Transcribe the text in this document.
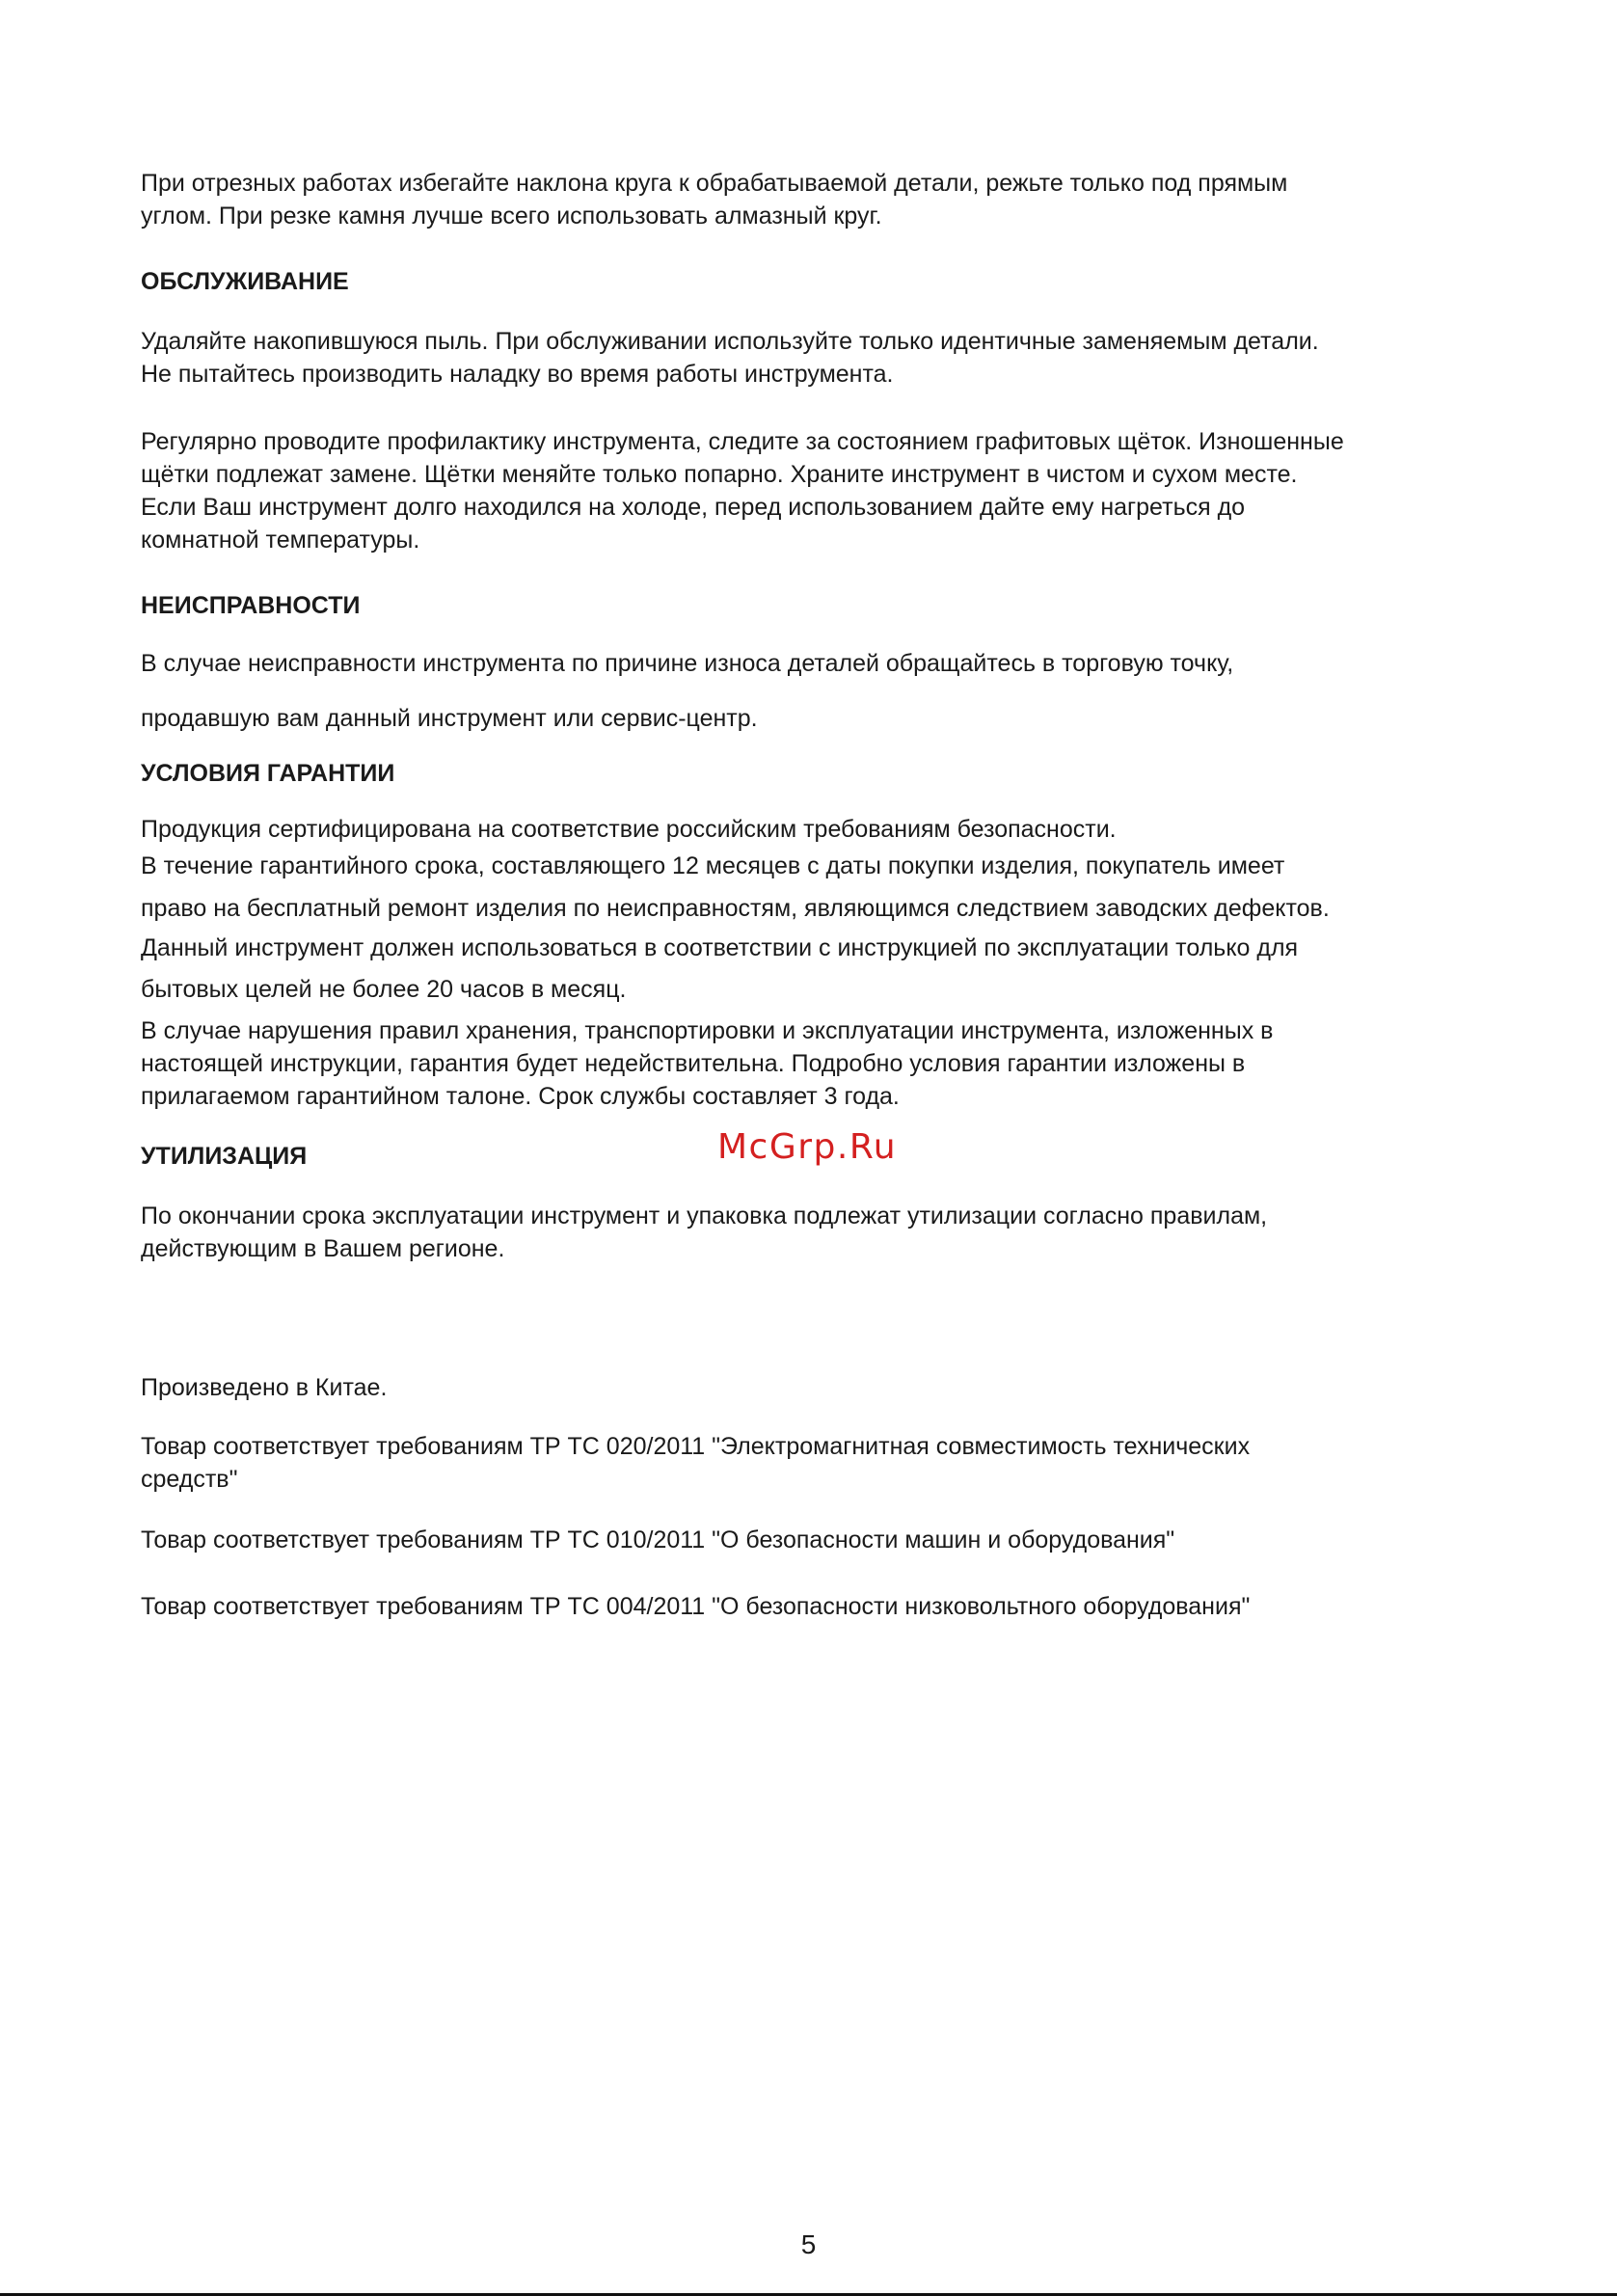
При отрезных работах избегайте наклона круга к обрабатываемой детали, режьте только под прямым

углом. При резке камня лучше всего использовать алмазный круг.

ОБСЛУЖИВАНИЕ

Удаляйте накопившуюся пыль. При обслуживании используйте только идентичные заменяемым детали.

Не пытайтесь производить наладку во время работы инструмента.

Регулярно проводите профилактику инструмента, следите за состоянием графитовых щёток. Изношенные

щётки подлежат замене. Щётки меняйте только попарно. Храните инструмент в чистом и сухом месте.

Если Ваш инструмент долго находился на холоде, перед использованием дайте ему нагреться до

комнатной температуры.

НЕИСПРАВНОСТИ

В случае неисправности инструмента по причине износа деталей обращайтесь в торговую точку,

продавшую вам данный инструмент или сервис-центр.

УСЛОВИЯ ГАРАНТИИ

Продукция сертифицирована на соответствие российским требованиям безопасности.

В течение гарантийного срока, составляющего 12 месяцев с даты покупки изделия, покупатель имеет

право на бесплатный ремонт изделия по неисправностям, являющимся следствием заводских дефектов.

Данный инструмент должен использоваться в соответствии с инструкцией по эксплуатации только для

бытовых целей не более 20 часов в месяц.

В случае нарушения правил хранения, транспортировки и эксплуатации инструмента, изложенных в

настоящей инструкции, гарантия будет недействительна. Подробно условия гарантии изложены в

прилагаемом гарантийном талоне. Срок службы составляет 3 года.

УТИЛИЗАЦИЯ	McGrp.Ru

По окончании срока эксплуатации инструмент и упаковка подлежат утилизации согласно правилам,

действующим в Вашем регионе.

Произведено в Китае.

Товар соответствует требованиям ТР ТС 020/2011 "Электромагнитная совместимость технических

средств"

Товар соответствует требованиям ТР ТС 010/2011 "О безопасности машин и оборудования"

Товар соответствует требованиям ТР ТС 004/2011 "О безопасности низковольтного оборудования"

5
